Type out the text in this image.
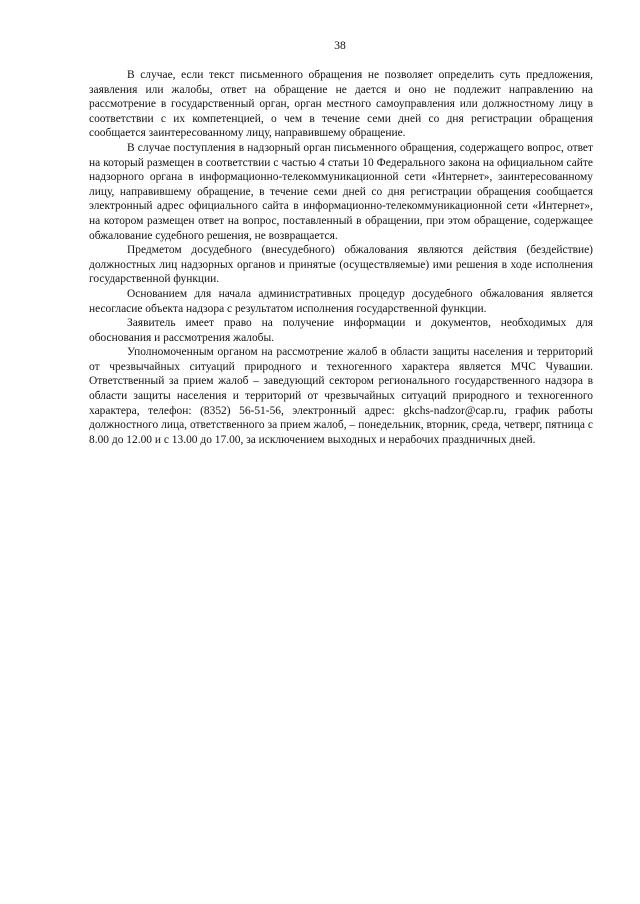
38

В случае, если текст письменного обращения не позволяет определить суть предложения, заявления или жалобы, ответ на обращение не дается и оно не подлежит направлению на рассмотрение в государственный орган, орган местного самоуправления или должностному лицу в соответствии с их компетенцией, о чем в течение семи дней со дня регистрации обращения сообщается заинтересованному лицу, направившему обращение.

В случае поступления в надзорный орган письменного обращения, содержащего вопрос, ответ на который размещен в соответствии с частью 4 статьи 10 Федерального закона на официальном сайте надзорного органа в информационно-телекоммуникационной сети «Интернет», заинтересованному лицу, направившему обращение, в течение семи дней со дня регистрации обращения сообщается электронный адрес официального сайта в информационно-телекоммуникационной сети «Интернет», на котором размещен ответ на вопрос, поставленный в обращении, при этом обращение, содержащее обжалование судебного решения, не возвращается.

Предметом досудебного (внесудебного) обжалования являются действия (бездействие) должностных лиц надзорных органов и принятые (осуществляемые) ими решения в ходе исполнения государственной функции.

Основанием для начала административных процедур досудебного обжалования является несогласие объекта надзора с результатом исполнения государственной функции.

Заявитель имеет право на получение информации и документов, необходимых для обоснования и рассмотрения жалобы.

Уполномоченным органом на рассмотрение жалоб в области защиты населения и территорий от чрезвычайных ситуаций природного и техногенного характера является МЧС Чувашии. Ответственный за прием жалоб – заведующий сектором регионального государственного надзора в области защиты населения и территорий от чрезвычайных ситуаций природного и техногенного характера, телефон: (8352) 56-51-56, электронный адрес: gkchs-nadzor@cap.ru, график работы должностного лица, ответственного за прием жалоб, – понедельник, вторник, среда, четверг, пятница с 8.00 до 12.00 и с 13.00 до 17.00, за исключением выходных и нерабочих праздничных дней.
